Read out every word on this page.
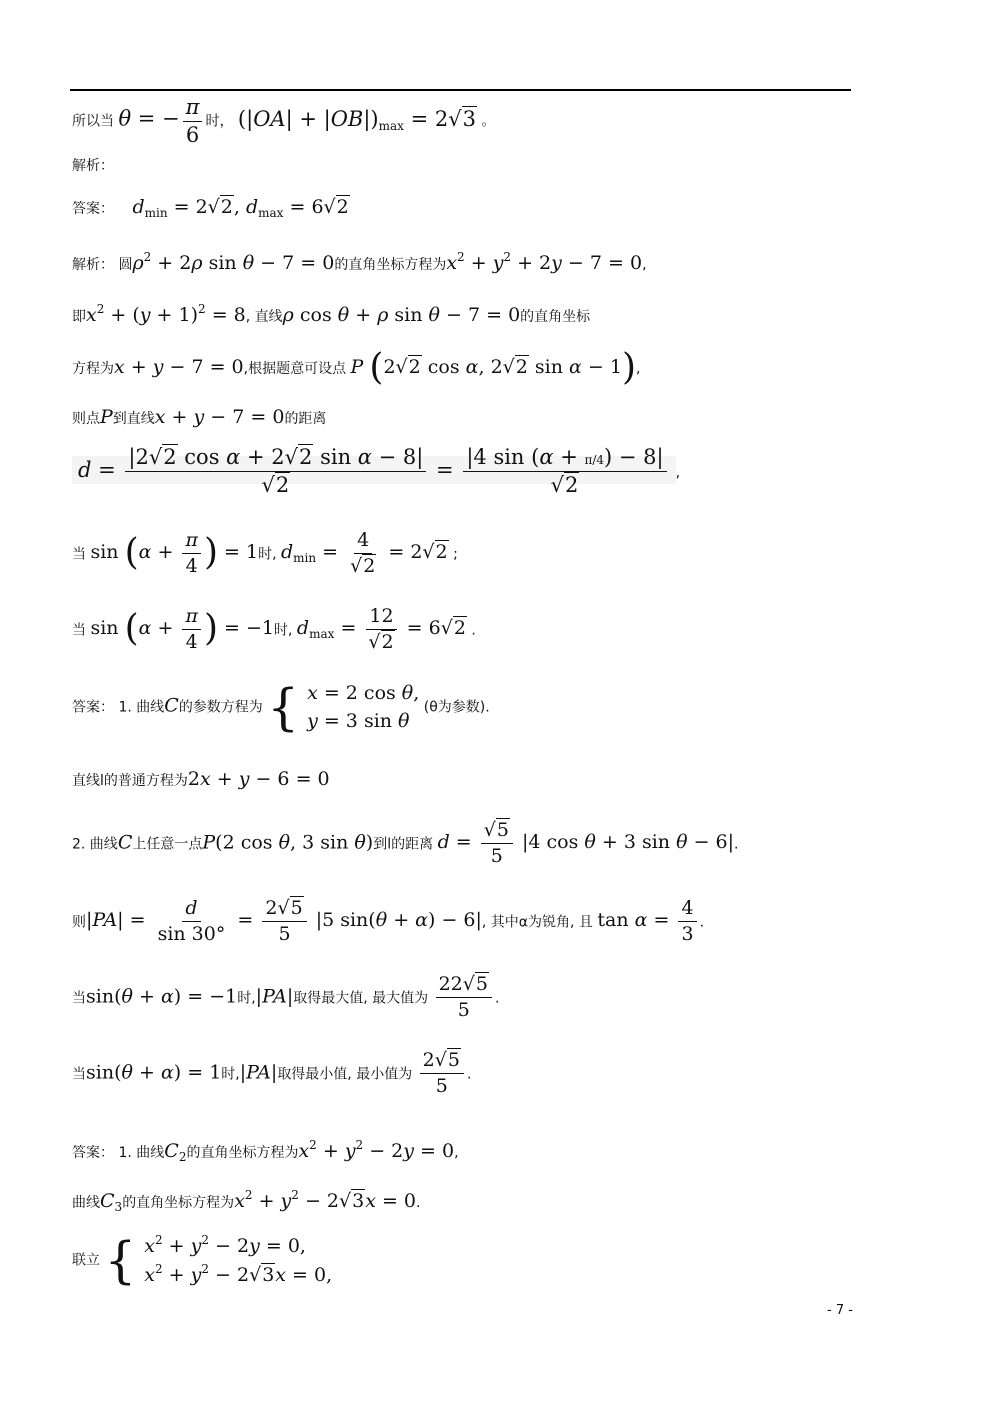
所以当 θ = − $\frac{\pi}{6}$ 时， $(|OA| + |OB|)_{max} = 2√3$ 。
解析：
答案： $d_{min} = 2√2$, $d_{max} = 6√2$
解析： 圆$\rho^2 + 2\rho$ sin θ − 7 = 0的直角坐标方程为$x^2 + y^2 + 2y - 7 = 0$,
即$x^2 + (y + 1)^2 = 8$, 直线ρ cos θ + ρ sin θ − 7 = 0的直角坐标
方程为x + y − 7 = 0,根据题意可设点 P (2√2 cos α, 2√2 sin α − 1),
则点P到直线x + y − 7 = 0的距离
$d = \frac{\text{|2√2 cos α + 2√2 sin α − 8|}}{√2} = \frac{|4 \sin (\alpha + \pi/4) - 8|}{√2}$ ,
当 $\sin (\alpha + \frac{\pi}{4}$ ) = 1时, $d_{min} = \frac{4}{√2} = 2√2$ ;
当 $\sin (\alpha + \frac{\pi}{4}$ ) = −1时, $d_{max} = \frac{12}{√2} = 6√2$ .
答案： 1. 曲线C的参数方程为 { x = 2 cos θ,
y = 3 sin θ
(θ为参数).
直线l的普通方程为2x + y − 6 = 0
2. 曲线C上任意一点P(2 cos θ, 3 sin θ)到l的距离 $d = \frac{√5}{5} |4$ cos θ + 3 sin θ − 6|.
则$|PA| = \frac{d}{\sin 30^\circ} = \frac{2√5}{5} |5$ sin(θ + α) − 6|, 其中α为锐角, 且 $\tan \alpha = \frac{4}{3}$ .
当sin(θ + α) = −1时,|PA|取得最大值, 最大值为 $\frac{22√5}{5}$ .
当sin(θ + α) = 1时,|PA|取得最小值, 最小值为 $\frac{2√5}{5}$ .
答案： 1. 曲线$C_2$的直角坐标方程为$x^2 + y^2 - 2y = 0$,
曲线$C_3$的直角坐标方程为$x^2 + y^2 - 2√3x = 0$.
联立 { $x^2 + y^2 - 2y = 0$,
$x^2 + y^2 - 2√3x = 0$,
- 7 -
